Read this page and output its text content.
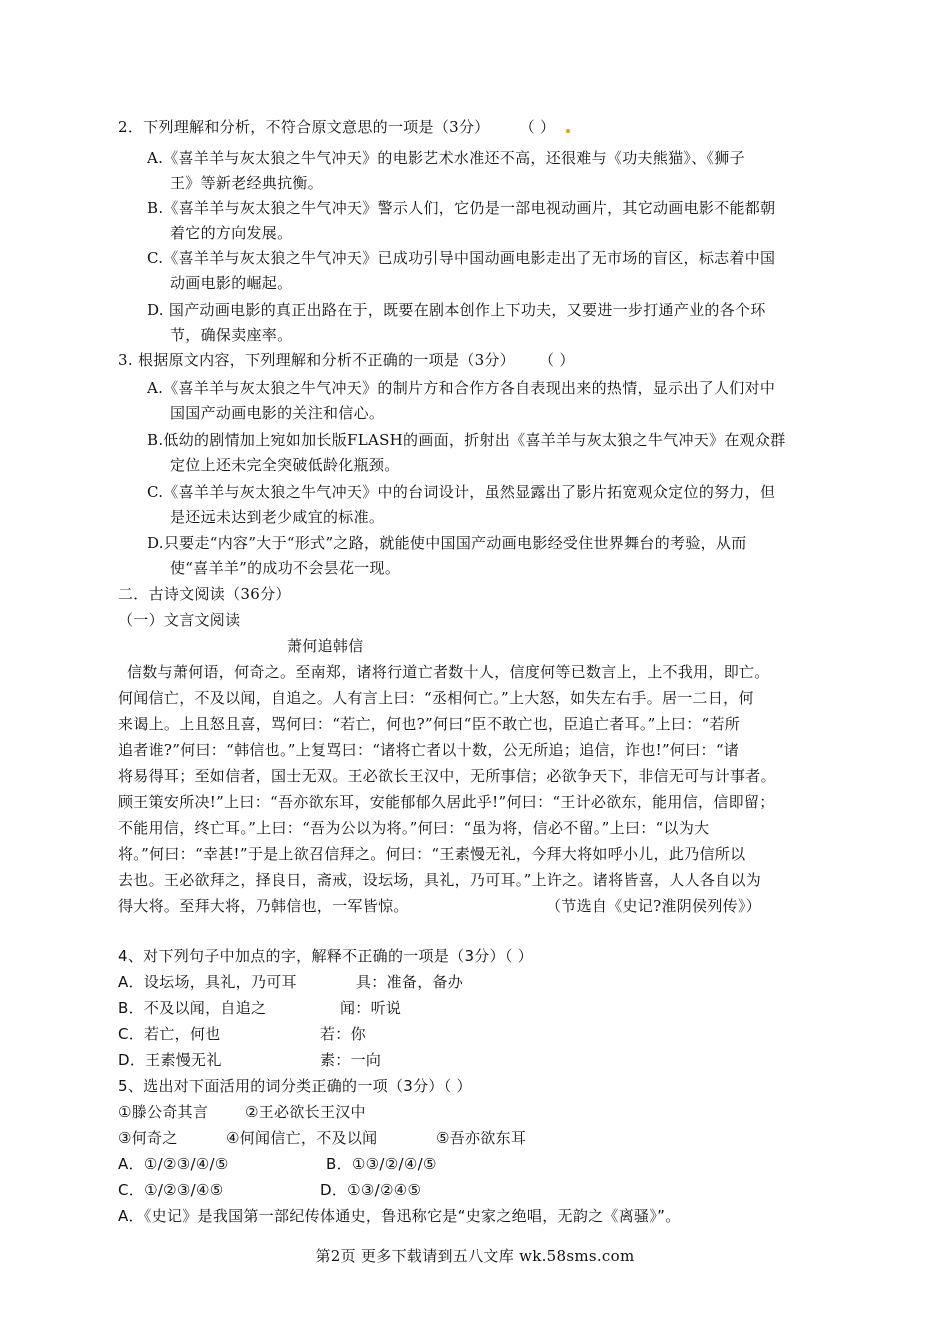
2．下列理解和分析，不符合原文意思的一项是（3分） （ ）
A.《喜羊羊与灰太狼之牛气冲天》的电影艺术水准还不高，还很难与《功夫熊猫》、《狮子
王》等新老经典抗衡。
B.《喜羊羊与灰太狼之牛气冲天》警示人们，它仍是一部电视动画片，其它动画电影不能都朝
着它的方向发展。
C.《喜羊羊与灰太狼之牛气冲天》已成功引导中国动画电影走出了无市场的盲区，标志着中国
动画电影的崛起。
D. 国产动画电影的真正出路在于，既要在剧本创作上下功夫，又要进一步打通产业的各个环
节，确保卖座率。
3. 根据原文内容，下列理解和分析不正确的一项是（3分） （ ）
A.《喜羊羊与灰太狼之牛气冲天》的制片方和合作方各自表现出来的热情，显示出了人们对中
国国产动画电影的关注和信心。
B.低幼的剧情加上宛如加长版FLASH的画面，折射出《喜羊羊与灰太狼之牛气冲天》在观众群
定位上还未完全突破低龄化瓶颈。
C.《喜羊羊与灰太狼之牛气冲天》中的台词设计，虽然显露出了影片拓宽观众定位的努力，但
是还远未达到老少咸宜的标准。
D.只要走“内容”大于“形式”之路，就能使中国国产动画电影经受住世界舞台的考验，从而
使“喜羊羊”的成功不会昙花一现。
二．古诗文阅读（36分）
（一）文言文阅读
萧何追韩信
信数与萧何语，何奇之。至南郑，诸将行道亡者数十人，信度何等已数言上，上不我用，即亡。
何闻信亡，不及以闻，自追之。人有言上曰：“丞相何亡。”上大怒，如失左右手。居一二日，何
来谒上。上且怒且喜，骂何曰：“若亡，何也?”何曰“臣不敢亡也，臣追亡者耳。”上曰：“若所
追者谁?”何曰：“韩信也。”上复骂曰：“诸将亡者以十数，公无所追；追信，诈也!”何曰：“诸
将易得耳；至如信者，国士无双。王必欲长王汉中，无所事信；必欲争天下，非信无可与计事者。
顾王策安所决!”上曰：“吾亦欲东耳，安能郁郁久居此乎!”何曰：“王计必欲东，能用信，信即留；
不能用信，终亡耳。”上曰：“吾为公以为将。”何曰：“虽为将，信必不留。”上曰：“以为大
将。”何曰：“幸甚!”于是上欲召信拜之。何曰：“王素慢无礼，今拜大将如呼小儿，此乃信所以
去也。王必欲拜之，择良日，斋戒，设坛场，具礼，乃可耳。”上许之。诸将皆喜，人人各自以为
得大将。至拜大将，乃韩信也，一军皆惊。	（节选自《史记?淮阴侯列传》）
4、对下列句子中加点的字，解释不正确的一项是（3分）（ ）
A．设坛场，具礼，乃可耳	具：准备，备办
B．不及以闻，自追之	闻：听说
C．若亡，何也	若：你
D．王素慢无礼	素：一向
5、选出对下面活用的词分类正确的一项（3分）（ ）
①滕公奇其言 ②王必欲长王汉中
③何奇之	④何闻信亡，不及以闻	⑤吾亦欲东耳
A．①/②③/④/⑤	B．①③/②/④/⑤
C．①/②③/④⑤	D．①③/②④⑤
A．《史记》是我国第一部纪传体通史，鲁迅称它是“史家之绝唱，无韵之《离骚》”。
第2页 更多下载请到五八文库 wk.58sms.com
